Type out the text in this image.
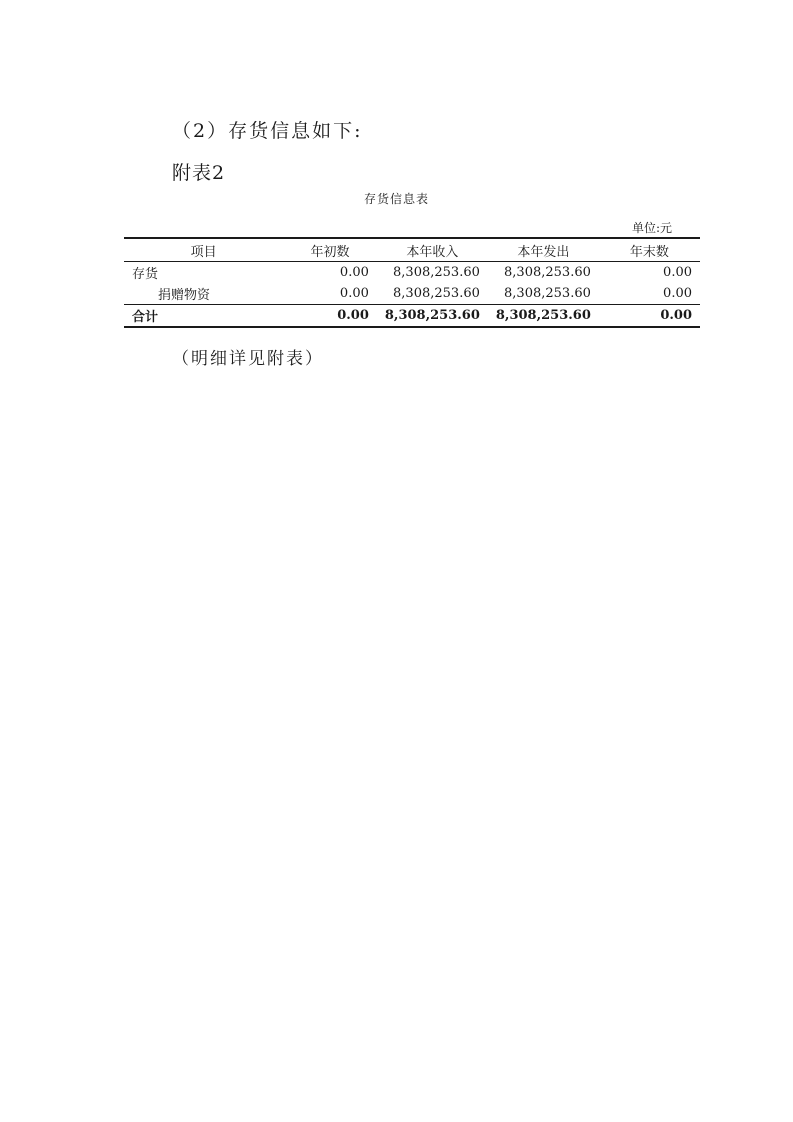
（2）存货信息如下:
附表2
存货信息表
单位:元
项目	年初数	本年收入	本年发出	年末数
存货	0.00	8,308,253.60	8,308,253.60	0.00
捐赠物资	0.00	8,308,253.60	8,308,253.60	0.00
合计	0.00	8,308,253.60	8,308,253.60	0.00
（明细详见附表）
